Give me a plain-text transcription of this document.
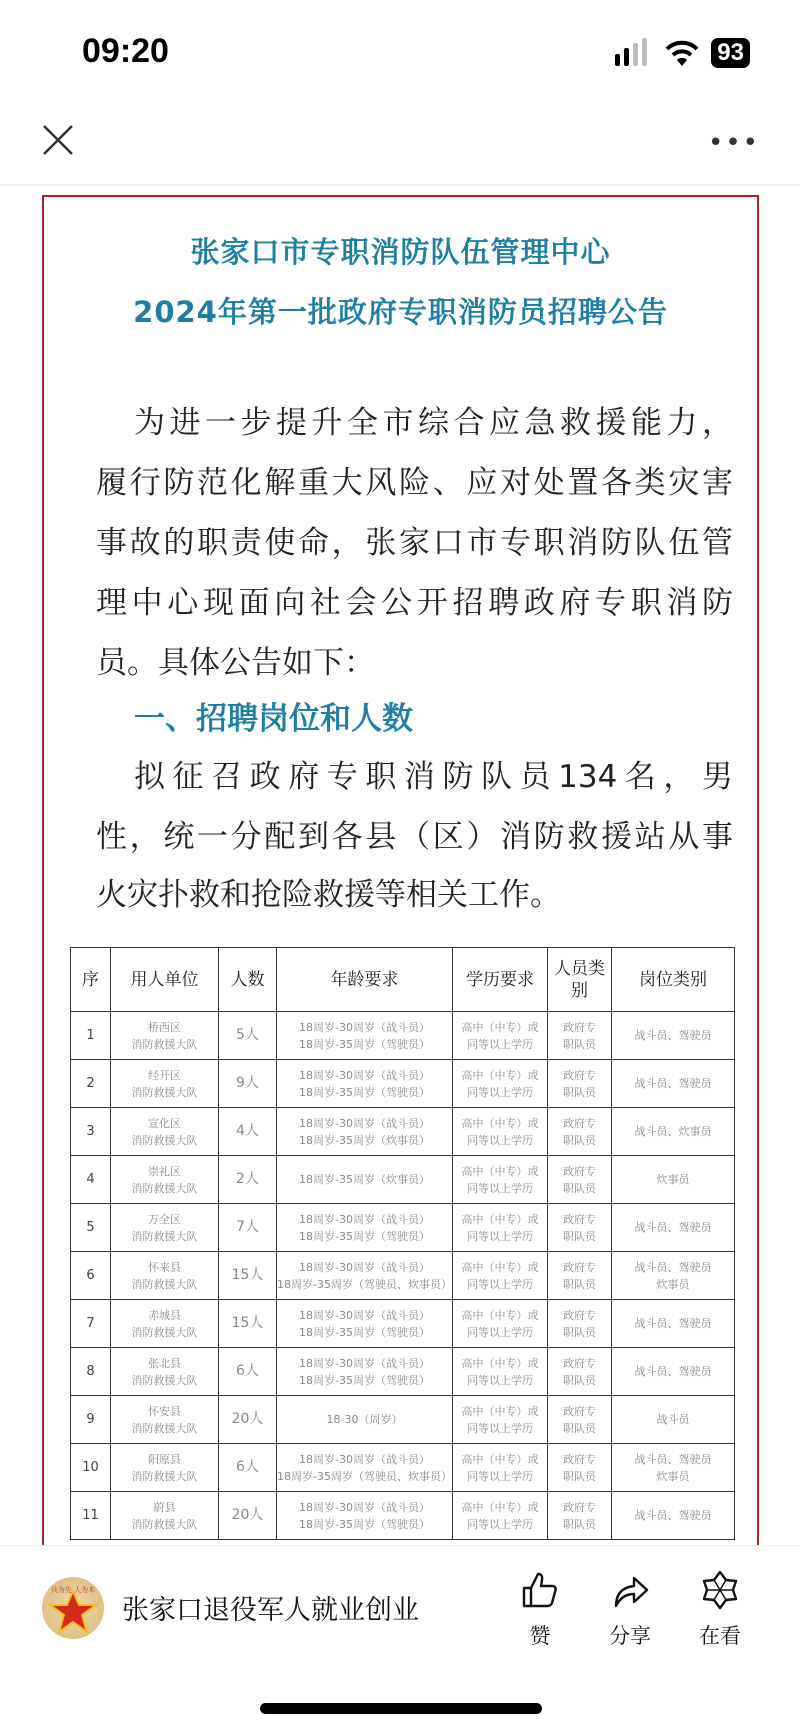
09:20	93
•••
张家口市专职消防队伍管理中心
2024年第一批政府专职消防员招聘公告
为进一步提升全市综合应急救援能力，
履行防范化解重大风险、应对处置各类灾害
事故的职责使命，张家口市专职消防队伍管
理中心现面向社会公开招聘政府专职消防
员。具体公告如下：
一、招聘岗位和人数
拟征召政府专职消防队员134名，男
性，统一分配到各县（区）消防救援站从事
火灾扑救和抢险救援等相关工作。
序	用人单位	人数	年龄要求	学历要求	人员类别	岗位类别
1	桥西区
消防救援大队	5人	18周岁-30周岁（战斗员）
18周岁-35周岁（驾驶员）	高中（中专）或
同等以上学历	政府专
职队员	战斗员、驾驶员
2	经开区
消防救援大队	9人	18周岁-30周岁（战斗员）
18周岁-35周岁（驾驶员）	高中（中专）或
同等以上学历	政府专
职队员	战斗员、驾驶员
3	宣化区
消防救援大队	4人	18周岁-30周岁（战斗员）
18周岁-35周岁（炊事员）	高中（中专）或
同等以上学历	政府专
职队员	战斗员、炊事员
4	崇礼区
消防救援大队	2人	18周岁-35周岁（炊事员）	高中（中专）或
同等以上学历	政府专
职队员	炊事员
5	万全区
消防救援大队	7人	18周岁-30周岁（战斗员）
18周岁-35周岁（驾驶员）	高中（中专）或
同等以上学历	政府专
职队员	战斗员、驾驶员
6	怀来县
消防救援大队	15人	18周岁-30周岁（战斗员）
18周岁-35周岁（驾驶员、炊事员）	高中（中专）或
同等以上学历	政府专
职队员	战斗员、驾驶员
炊事员
7	赤城县
消防救援大队	15人	18周岁-30周岁（战斗员）
18周岁-35周岁（驾驶员）	高中（中专）或
同等以上学历	政府专
职队员	战斗员、驾驶员
8	张北县
消防救援大队	6人	18周岁-30周岁（战斗员）
18周岁-35周岁（驾驶员）	高中（中专）或
同等以上学历	政府专
职队员	战斗员、驾驶员
9	怀安县
消防救援大队	20人	18-30（周岁）	高中（中专）或
同等以上学历	政府专
职队员	战斗员
10	阳原县
消防救援大队	6人	18周岁-30周岁（战斗员）
18周岁-35周岁（驾驶员、炊事员）	高中（中专）或
同等以上学历	政府专
职队员	战斗员、驾驶员
炊事员
11	蔚县
消防救援大队	20人	18周岁-30周岁（战斗员）
18周岁-35周岁（驾驶员）	高中（中专）或
同等以上学历	政府专
职队员	战斗员、驾驶员
兵为先 人为本
张家口退役军人就业创业
赞	分享	在看
